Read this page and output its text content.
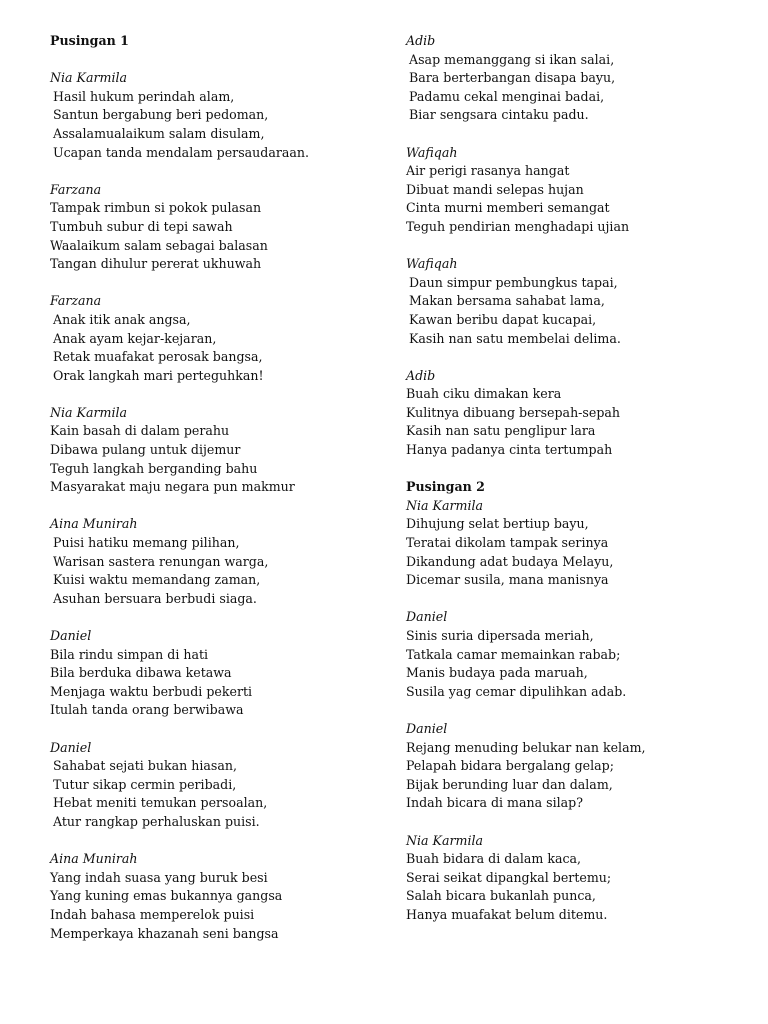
Pusingan 1
Nia Karmila
Hasil hukum perindah alam,
Santun bergabung beri pedoman,
Assalamualaikum salam disulam,
Ucapan tanda mendalam persaudaraan.
Farzana
Tampak rimbun si pokok pulasan
Tumbuh subur di tepi sawah
Waalaikum salam sebagai balasan
Tangan dihulur pererat ukhuwah
Farzana
Anak itik anak angsa,
Anak ayam kejar-kejaran,
Retak muafakat perosak bangsa,
Orak langkah mari perteguhkan!
Nia Karmila
Kain basah di dalam perahu
Dibawa pulang untuk dijemur
Teguh langkah berganding bahu
Masyarakat maju negara pun makmur
Aina Munirah
Puisi hatiku memang pilihan,
Warisan sastera renungan warga,
Kuisi waktu memandang zaman,
Asuhan bersuara berbudi siaga.
Daniel
Bila rindu simpan di hati
Bila berduka dibawa ketawa
Menjaga waktu berbudi pekerti
Itulah tanda orang berwibawa
Daniel
Sahabat sejati bukan hiasan,
Tutur sikap cermin peribadi,
Hebat meniti temukan persoalan,
Atur rangkap perhaluskan puisi.
Aina Munirah
Yang indah suasa yang buruk besi
Yang kuning emas bukannya gangsa
Indah bahasa memperelok puisi
Memperkaya khazanah seni bangsa
Adib
Asap memanggang si ikan salai,
Bara berterbangan disapa bayu,
Padamu cekal menginai badai,
Biar sengsara cintaku padu.
Wafiqah
Air perigi rasanya hangat
Dibuat mandi selepas hujan
Cinta murni memberi semangat
Teguh pendirian menghadapi ujian
Wafiqah
Daun simpur pembungkus tapai,
Makan bersama sahabat lama,
Kawan beribu dapat kucapai,
Kasih nan satu membelai delima.
Adib
Buah ciku dimakan kera
Kulitnya dibuang bersepah-sepah
Kasih nan satu penglipur lara
Hanya padanya cinta tertumpah
Pusingan 2
Nia Karmila
Dihujung selat bertiup bayu,
Teratai dikolam tampak serinya
Dikandung adat budaya Melayu,
Dicemar susila, mana manisnya
Daniel
Sinis suria dipersada meriah,
Tatkala camar memainkan rabab;
Manis budaya pada maruah,
Susila yag cemar dipulihkan adab.
Daniel
Rejang menuding belukar nan kelam,
Pelapah bidara bergalang gelap;
Bijak berunding luar dan dalam,
Indah bicara di mana silap?
Nia Karmila
Buah bidara di dalam kaca,
Serai seikat dipangkal bertemu;
Salah bicara bukanlah punca,
Hanya muafakat belum ditemu.
